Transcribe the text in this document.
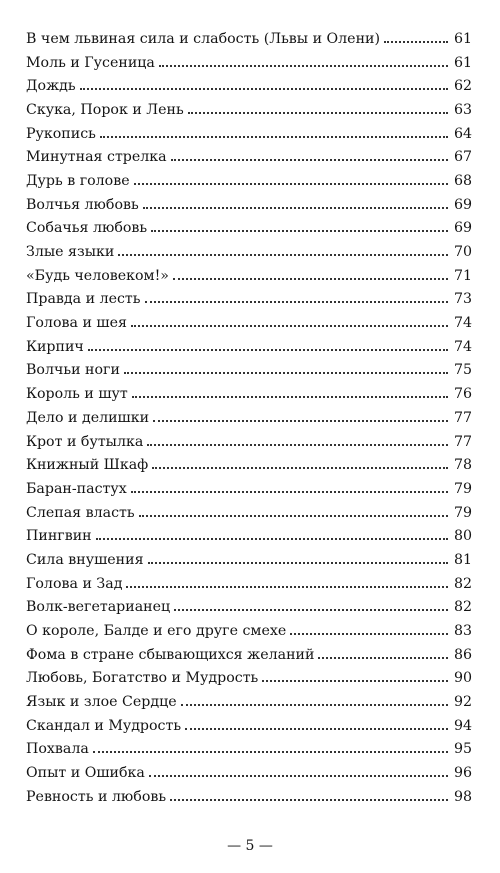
В чем львиная сила и слабость (Львы и Олени)	61
Моль и Гусеница	61
Дождь	62
Скука, Порок и Лень	63
Рукопись	64
Минутная стрелка	67
Дурь в голове	68
Волчья любовь	69
Собачья любовь	69
Злые языки	70
«Будь человеком!»	71
Правда и лесть	73
Голова и шея	74
Кирпич	74
Волчьи ноги	75
Король и шут	76
Дело и делишки	77
Крот и бутылка	77
Книжный Шкаф	78
Баран-пастух	79
Слепая власть	79
Пингвин	80
Сила внушения	81
Голова и Зад	82
Волк-вегетарианец	82
О короле, Балде и его друге смехе	83
Фома в стране сбывающихся желаний	86
Любовь, Богатство и Мудрость	90
Язык и злое Сердце	92
Скандал и Мудрость	94
Похвала	95
Опыт и Ошибка	96
Ревность и любовь	98
— 5 —
